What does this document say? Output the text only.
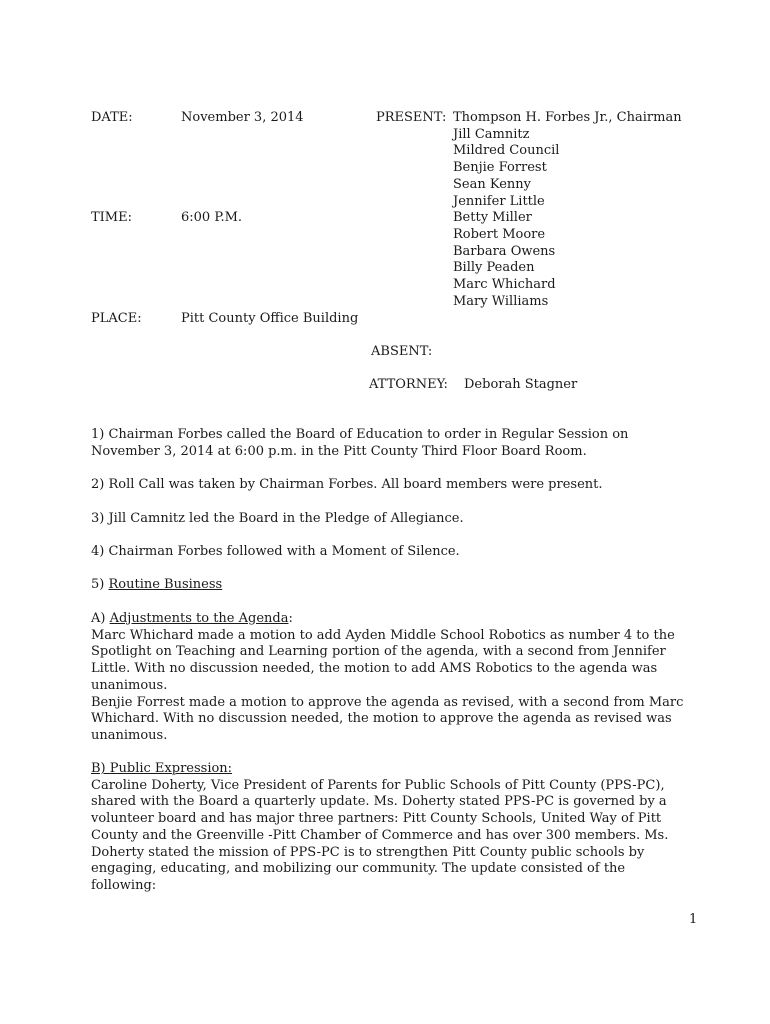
DATE:	November 3, 2014	PRESENT: Thompson H. Forbes Jr., Chairman
Jill Camnitz
Mildred Council
Benjie Forrest
Sean Kenny
Jennifer Little
Betty Miller
Robert Moore
Barbara Owens
Billy Peaden
Marc Whichard
Mary Williams
TIME:	6:00 P.M.
PLACE:	Pitt County Office Building
ABSENT:
ATTORNEY: Deborah Stagner

1) Chairman Forbes called the Board of Education to order in Regular Session on

November 3, 2014 at 6:00 p.m. in the Pitt County Third Floor Board Room.

2) Roll Call was taken by Chairman Forbes. All board members were present.

3) Jill Camnitz led the Board in the Pledge of Allegiance.

4) Chairman Forbes followed with a Moment of Silence.

5) Routine Business

A) Adjustments to the Agenda:

Marc Whichard made a motion to add Ayden Middle School Robotics as number 4 to the

Spotlight on Teaching and Learning portion of the agenda, with a second from Jennifer

Little. With no discussion needed, the motion to add AMS Robotics to the agenda was

unanimous.

Benjie Forrest made a motion to approve the agenda as revised, with a second from Marc

Whichard. With no discussion needed, the motion to approve the agenda as revised was

unanimous.

B) Public Expression:

Caroline Doherty, Vice President of Parents for Public Schools of Pitt County (PPS-PC),

shared with the Board a quarterly update. Ms. Doherty stated PPS-PC is governed by a

volunteer board and has major three partners: Pitt County Schools, United Way of Pitt

County and the Greenville -Pitt Chamber of Commerce and has over 300 members. Ms.

Doherty stated the mission of PPS-PC is to strengthen Pitt County public schools by

engaging, educating, and mobilizing our community. The update consisted of the

following:

1
